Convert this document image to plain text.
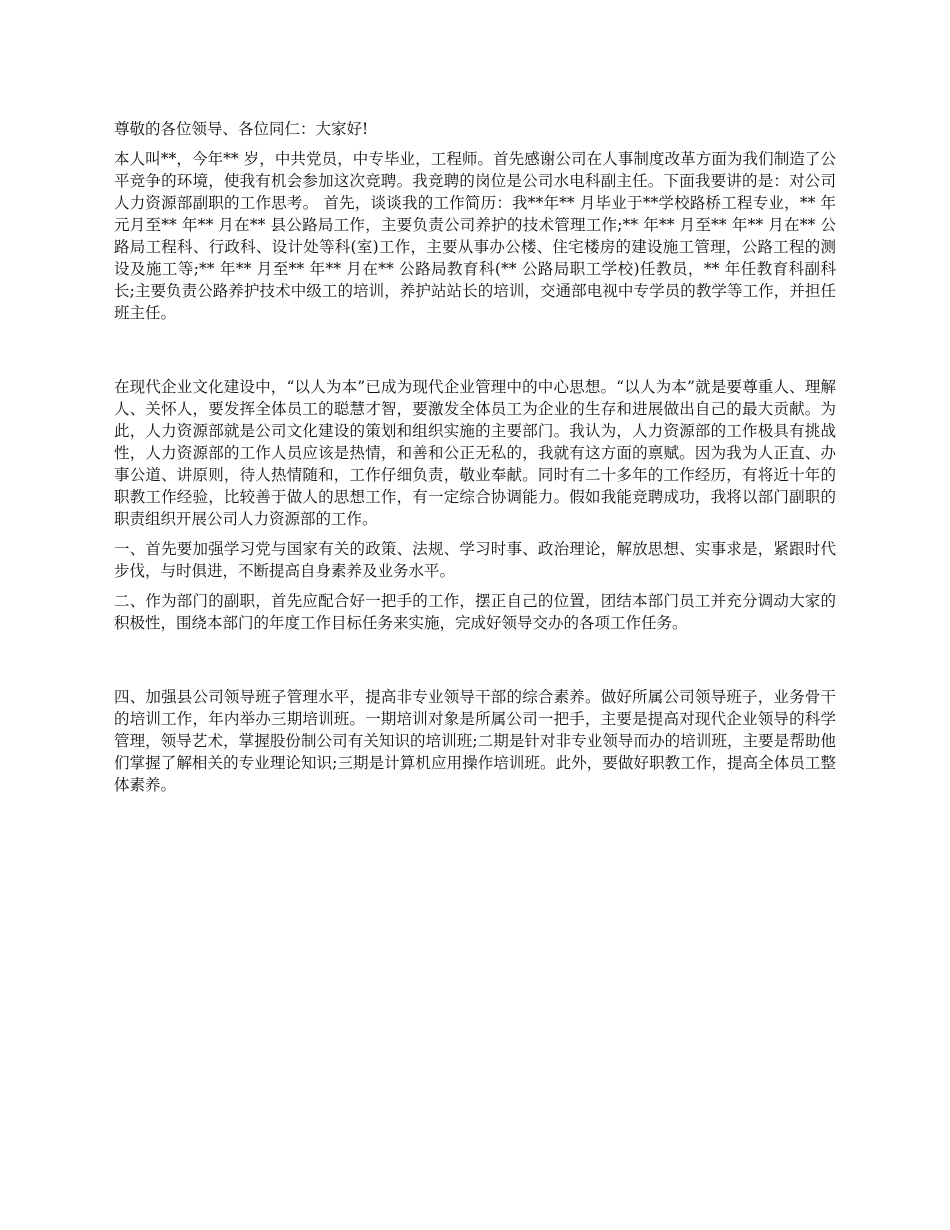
尊敬的各位领导、各位同仁：大家好!

本人叫**，今年** 岁，中共党员，中专毕业，工程师。首先感谢公司在人事制度改革方面为我们制造了公平竞争的环境，使我有机会参加这次竞聘。我竞聘的岗位是公司水电科副主任。下面我要讲的是：对公司人力资源部副职的工作思考。 首先，谈谈我的工作简历：我**年** 月毕业于**学校路桥工程专业，** 年元月至** 年** 月在** 县公路局工作，主要负责公司养护的技术管理工作;** 年** 月至** 年** 月在** 公路局工程科、行政科、设计处等科(室)工作，主要从事办公楼、住宅楼房的建设施工管理，公路工程的测设及施工等;** 年** 月至** 年** 月在** 公路局教育科(** 公路局职工学校)任教员，** 年任教育科副科长;主要负责公路养护技术中级工的培训，养护站站长的培训，交通部电视中专学员的教学等工作，并担任班主任。

在现代企业文化建设中，“以人为本”已成为现代企业管理中的中心思想。“以人为本”就是要尊重人、理解人、关怀人，要发挥全体员工的聪慧才智，要激发全体员工为企业的生存和进展做出自己的最大贡献。为此，人力资源部就是公司文化建设的策划和组织实施的主要部门。我认为，人力资源部的工作极具有挑战性，人力资源部的工作人员应该是热情，和善和公正无私的，我就有这方面的禀赋。因为我为人正直、办事公道、讲原则，待人热情随和，工作仔细负责，敬业奉献。同时有二十多年的工作经历，有将近十年的职教工作经验，比较善于做人的思想工作，有一定综合协调能力。假如我能竞聘成功，我将以部门副职的职责组织开展公司人力资源部的工作。

一、首先要加强学习党与国家有关的政策、法规、学习时事、政治理论，解放思想、实事求是，紧跟时代步伐，与时俱进，不断提高自身素养及业务水平。

二、作为部门的副职，首先应配合好一把手的工作，摆正自己的位置，团结本部门员工并充分调动大家的积极性，围绕本部门的年度工作目标任务来实施，完成好领导交办的各项工作任务。

四、加强县公司领导班子管理水平，提高非专业领导干部的综合素养。做好所属公司领导班子，业务骨干的培训工作，年内举办三期培训班。一期培训对象是所属公司一把手，主要是提高对现代企业领导的科学管理，领导艺术，掌握股份制公司有关知识的培训班;二期是针对非专业领导而办的培训班，主要是帮助他们掌握了解相关的专业理论知识;三期是计算机应用操作培训班。此外，要做好职教工作，提高全体员工整体素养。
